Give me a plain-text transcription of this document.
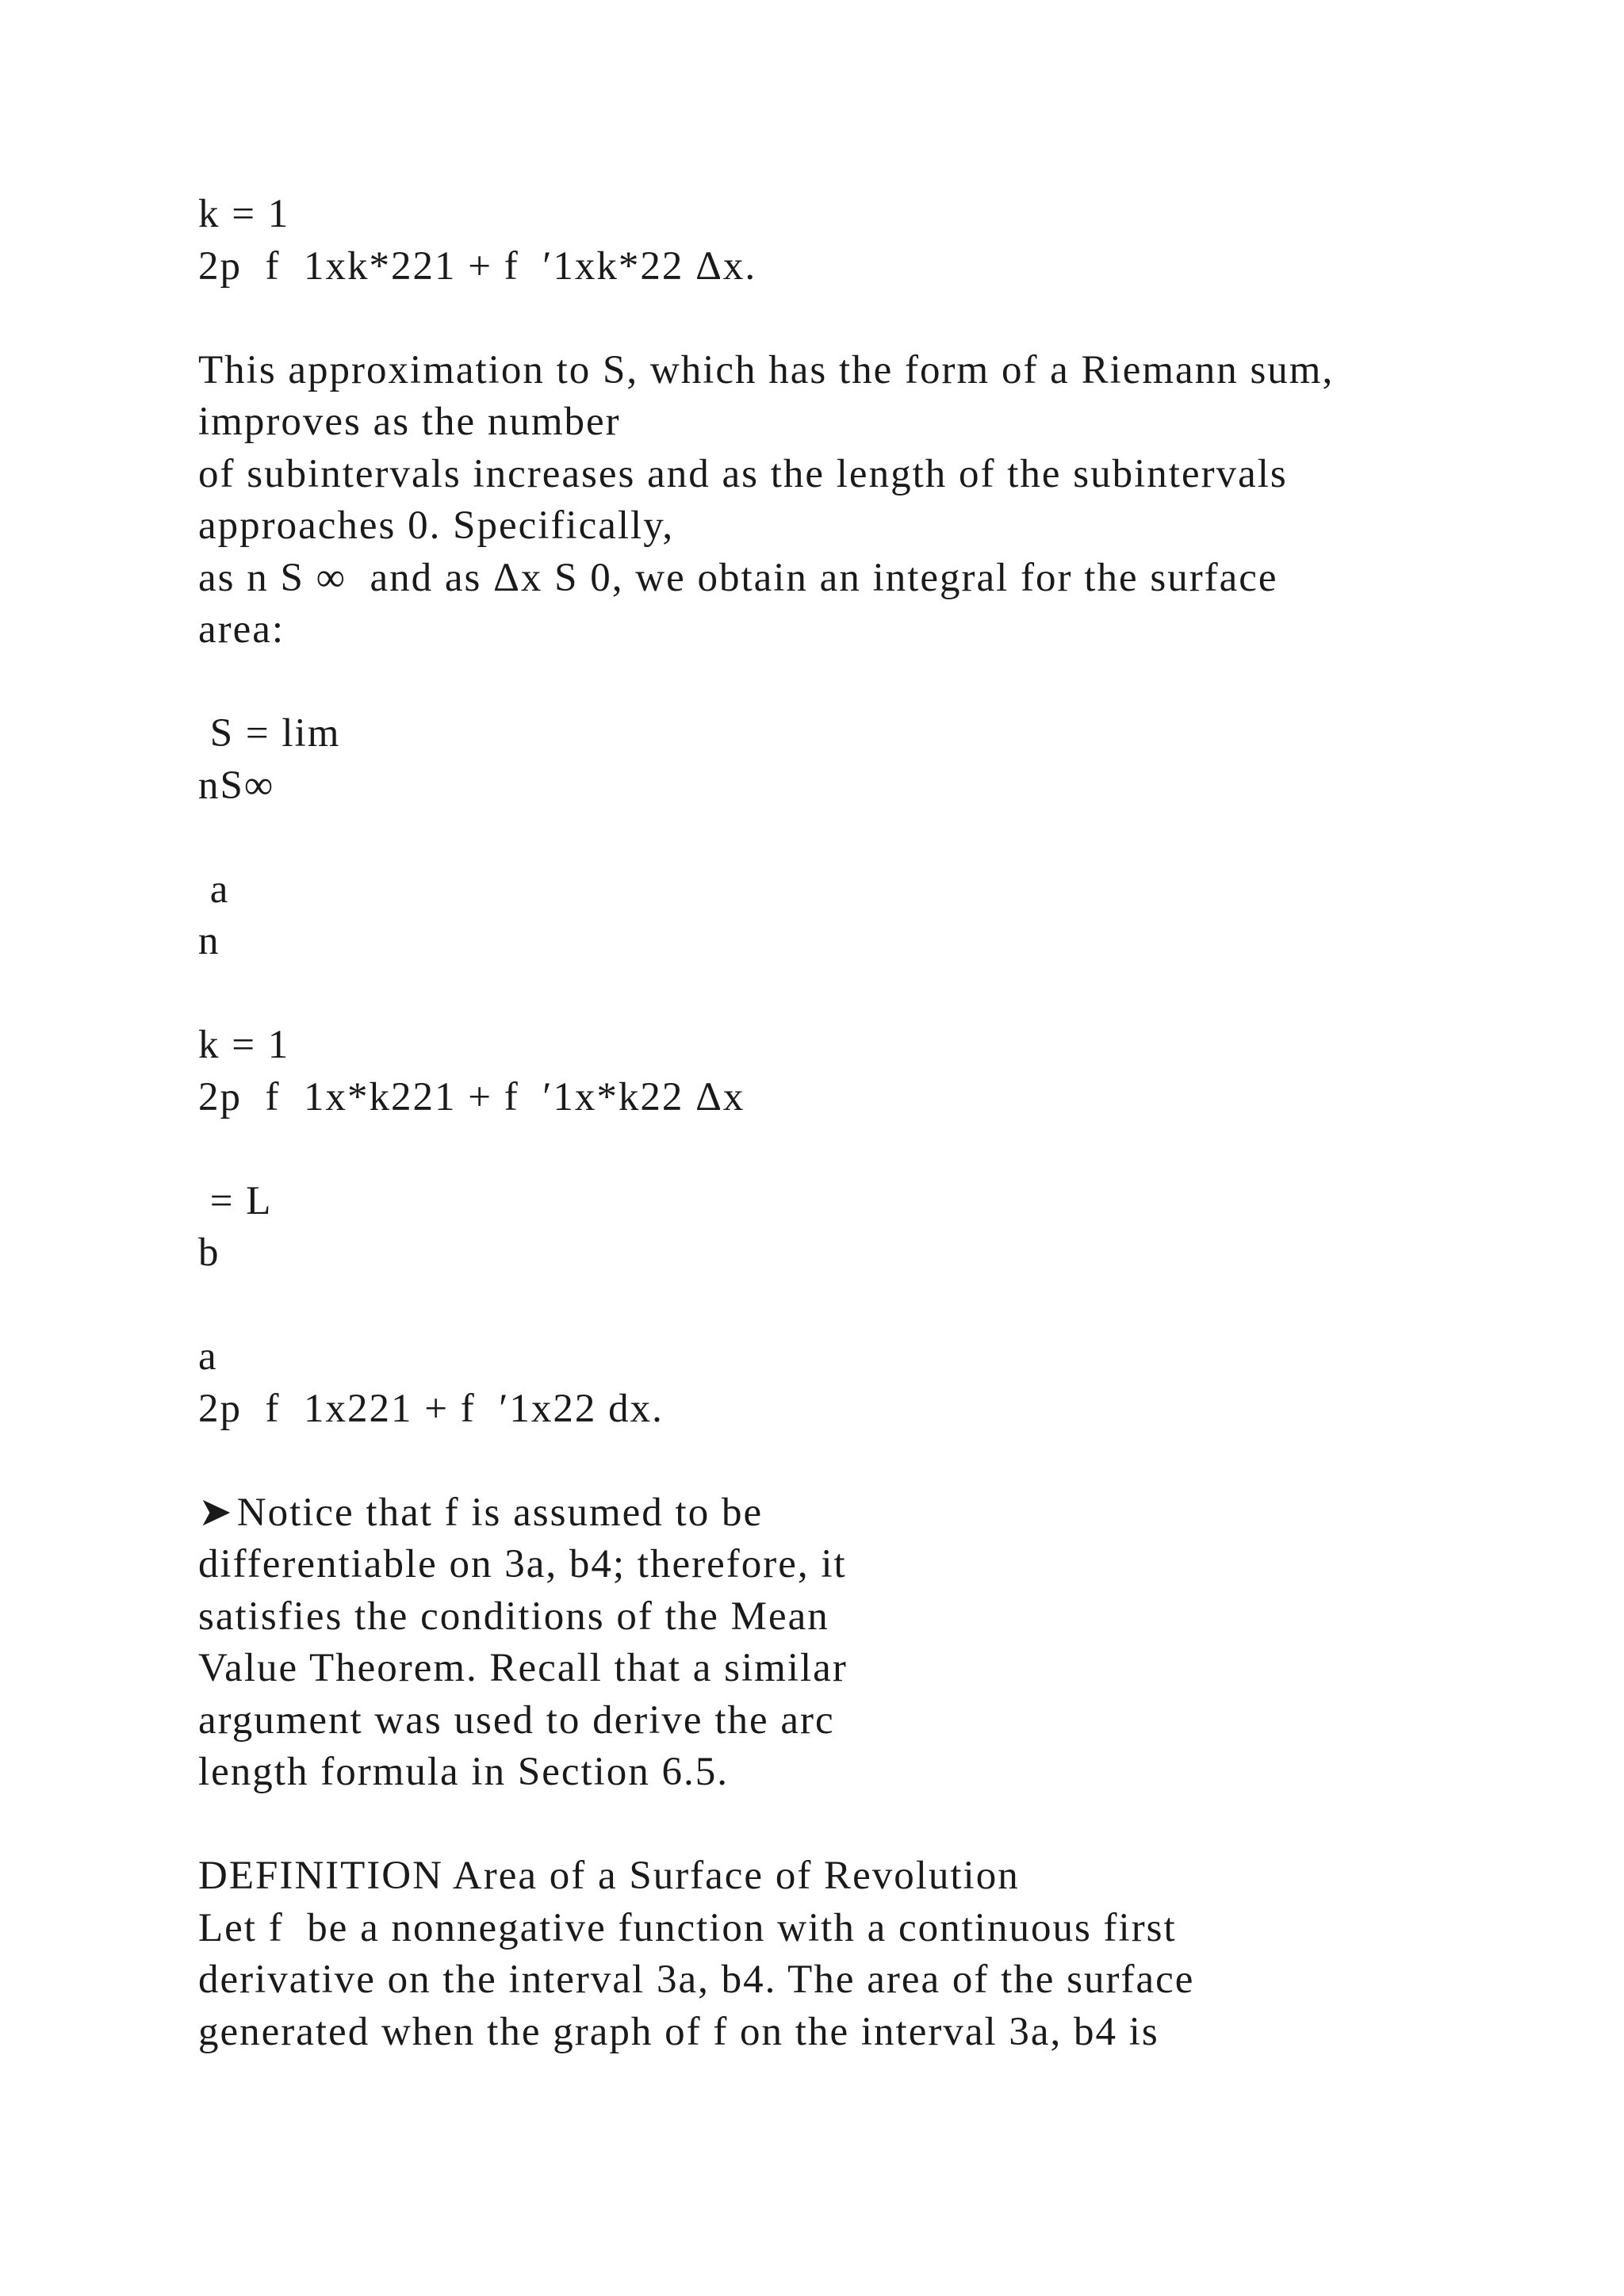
k = 1
2p  f  1xk*221 + f  ′1xk*22 Δx.
This approximation to S, which has the form of a Riemann sum,
improves as the number
of subintervals increases and as the length of the subintervals
approaches 0. Specifically,
as n S ∞  and as Δx S 0, we obtain an integral for the surface
area:
S = lim
nS∞
a
n
k = 1
2p  f  1x*k221 + f  ′1x*k22 Δx
= L
b
a
2p  f  1x221 + f  ′1x22 dx.
➤Notice that f is assumed to be
differentiable on 3a, b4; therefore, it
satisfies the conditions of the Mean
Value Theorem. Recall that a similar
argument was used to derive the arc
length formula in Section 6.5.
DEFINITION Area of a Surface of Revolution
Let f  be a nonnegative function with a continuous first
derivative on the interval 3a, b4. The area of the surface
generated when the graph of f on the interval 3a, b4 is
